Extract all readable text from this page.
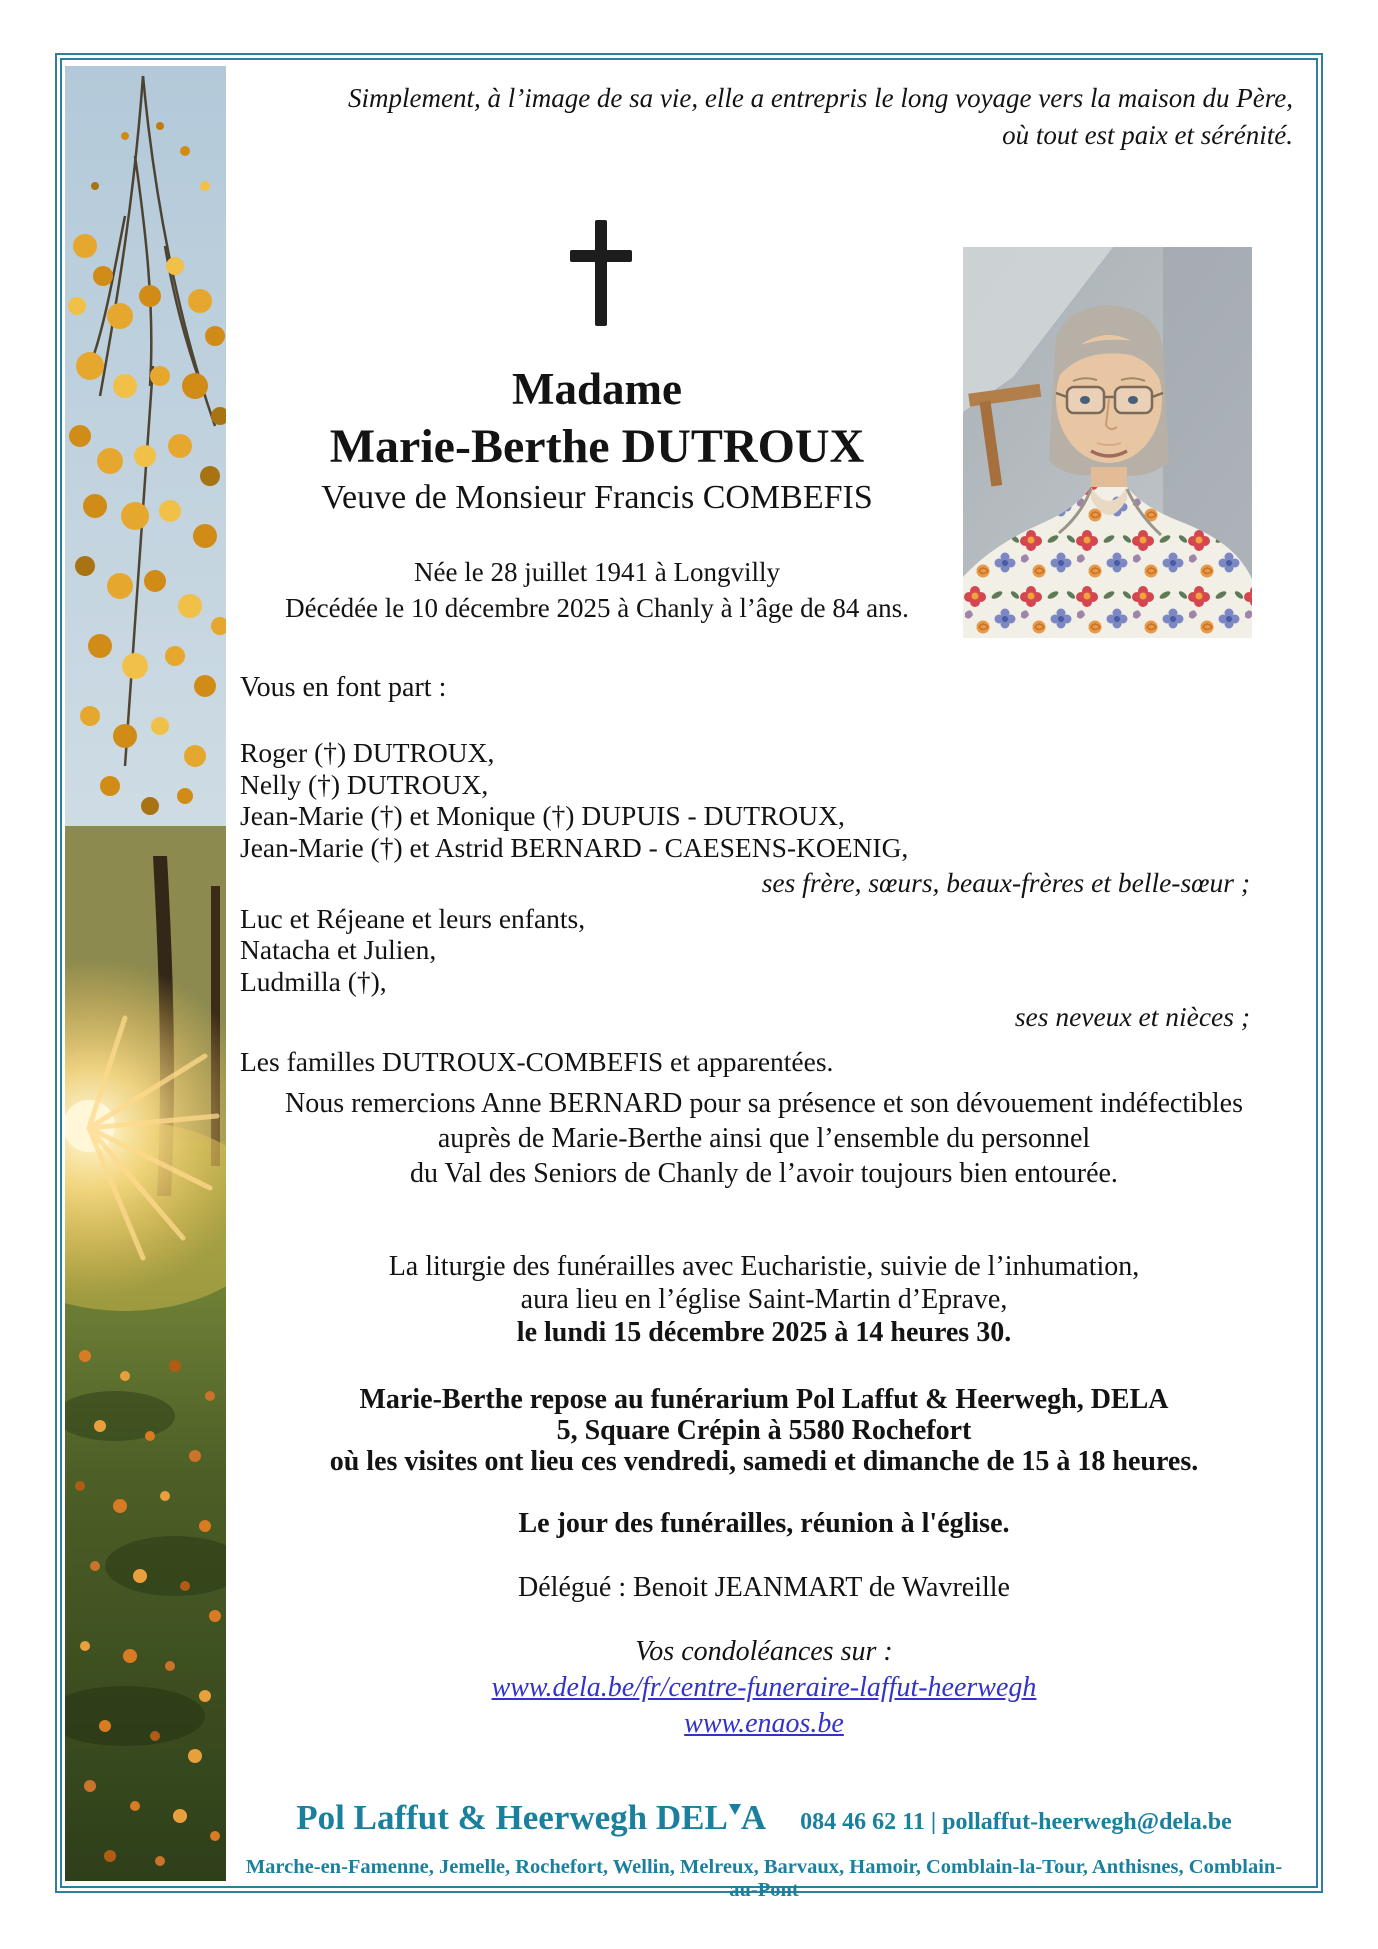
Simplement, à l’image de sa vie, elle a entrepris le long voyage vers la maison du Père,
où tout est paix et sérénité.
Madame
Marie-Berthe DUTROUX
Veuve de Monsieur Francis COMBEFIS
Née le 28 juillet 1941 à Longvilly
Décédée le 10 décembre 2025 à Chanly à l’âge de 84 ans.
Vous en font part :
Roger (†) DUTROUX,
Nelly (†) DUTROUX,
Jean-Marie (†) et Monique (†) DUPUIS - DUTROUX,
Jean-Marie (†) et Astrid BERNARD - CAESENS-KOENIG,
ses frère, sœurs, beaux-frères et belle-sœur ;
Luc et Réjeane et leurs enfants,
Natacha et Julien,
Ludmilla (†),
ses neveux et nièces ;
Les familles DUTROUX-COMBEFIS et apparentées.
Nous remercions Anne BERNARD pour sa présence et son dévouement indéfectibles
auprès de Marie-Berthe ainsi que l’ensemble du personnel
du Val des Seniors de Chanly de l’avoir toujours bien entourée.
La liturgie des funérailles avec Eucharistie, suivie de l’inhumation,
aura lieu en l’église Saint-Martin d’Eprave,
le lundi 15 décembre 2025 à 14 heures 30.
Marie-Berthe repose au funérarium Pol Laffut & Heerwegh, DELA
5, Square Crépin à 5580 Rochefort
où les visites ont lieu ces vendredi, samedi et dimanche de 15 à 18 heures.
Le jour des funérailles, réunion à l'église.
Délégué : Benoit JEANMART de Wavreille
Vos condoléances sur :
www.dela.be/fr/centre-funeraire-laffut-heerwegh
www.enaos.be
Pol Laffut & Heerwegh DEL A 084 46 62 11 | pollaffut-heerwegh@dela.be
Marche-en-Famenne, Jemelle, Rochefort, Wellin, Melreux, Barvaux, Hamoir, Comblain-la-Tour, Anthisnes, Comblain-au-Pont
